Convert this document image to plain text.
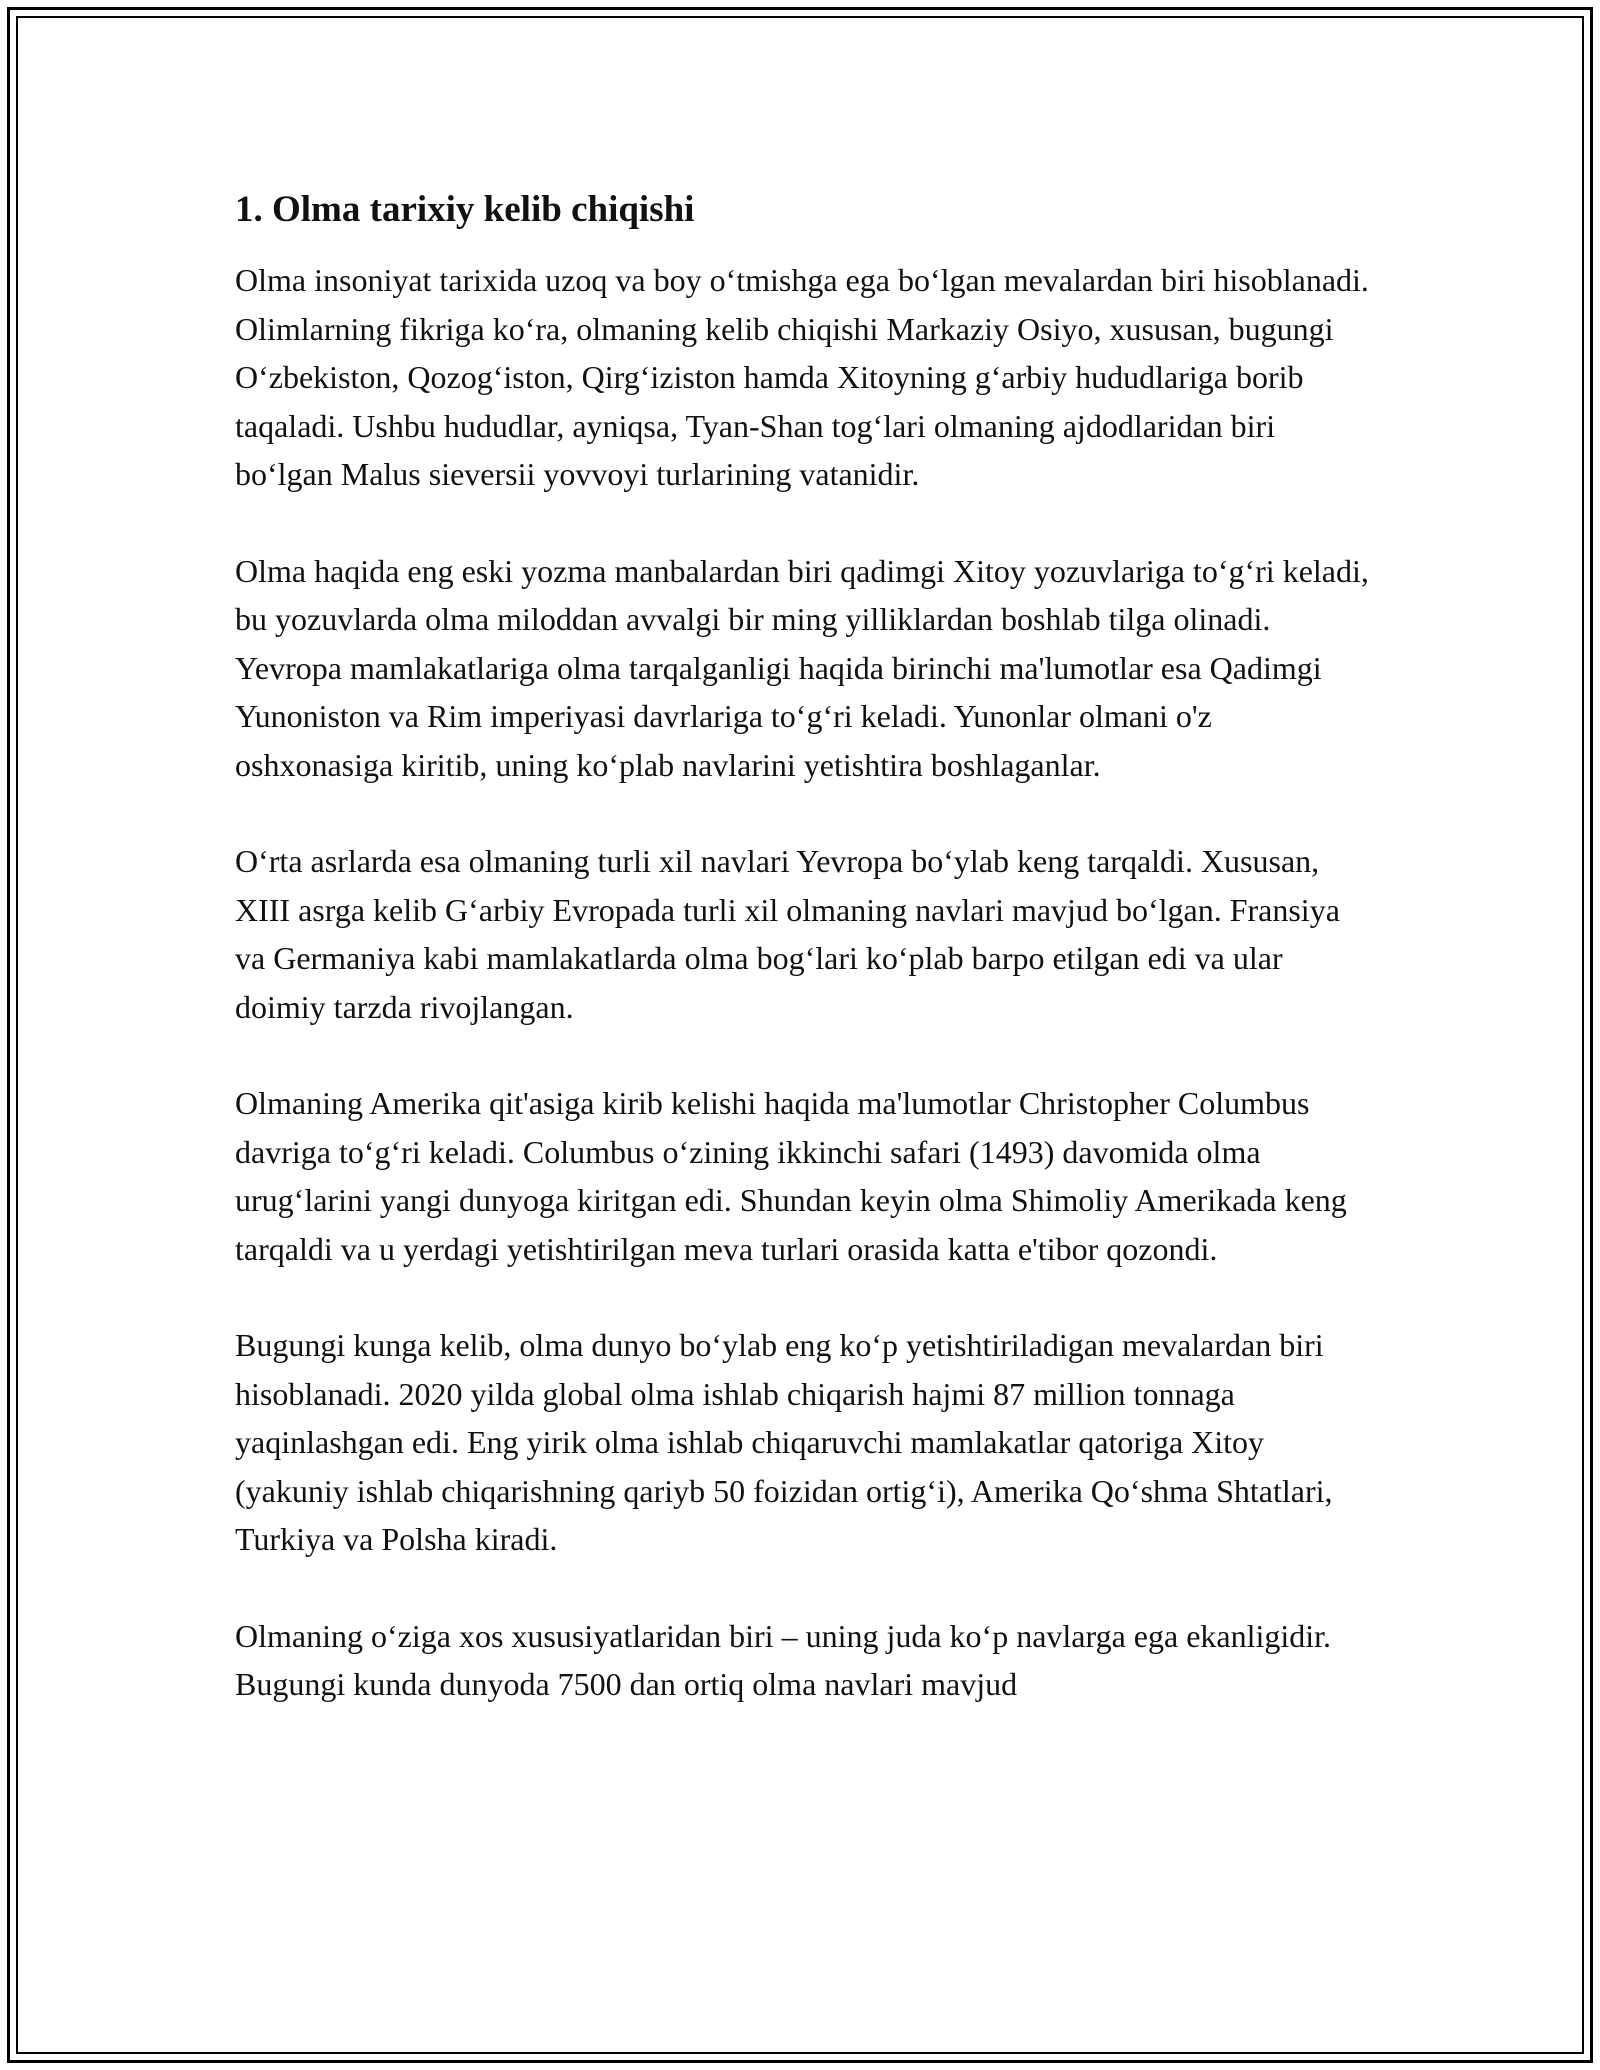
1. Olma tarixiy kelib chiqishi

Olma insoniyat tarixida uzoq va boy oʻtmishga ega boʻlgan mevalardan biri hisoblanadi. Olimlarning fikriga koʻra, olmaning kelib chiqishi Markaziy Osiyo, xususan, bugungi Oʻzbekiston, Qozogʻiston, Qirgʻiziston hamda Xitoyning gʻarbiy hududlariga borib taqaladi. Ushbu hududlar, ayniqsa, Tyan-Shan togʻlari olmaning ajdodlaridan biri boʻlgan Malus sieversii yovvoyi turlarining vatanidir.

Olma haqida eng eski yozma manbalardan biri qadimgi Xitoy yozuvlariga toʻgʻri keladi, bu yozuvlarda olma miloddan avvalgi bir ming yilliklardan boshlab tilga olinadi. Yevropa mamlakatlariga olma tarqalganligi haqida birinchi ma'lumotlar esa Qadimgi Yunoniston va Rim imperiyasi davrlariga toʻgʻri keladi. Yunonlar olmani o'z oshxonasiga kiritib, uning koʻplab navlarini yetishtira boshlaganlar.

Oʻrta asrlarda esa olmaning turli xil navlari Yevropa boʻylab keng tarqaldi. Xususan, XIII asrga kelib Gʻarbiy Evropada turli xil olmaning navlari mavjud boʻlgan. Fransiya va Germaniya kabi mamlakatlarda olma bogʻlari koʻplab barpo etilgan edi va ular doimiy tarzda rivojlangan.

Olmaning Amerika qit'asiga kirib kelishi haqida ma'lumotlar Christopher Columbus davriga toʻgʻri keladi. Columbus oʻzining ikkinchi safari (1493) davomida olma urugʻlarini yangi dunyoga kiritgan edi. Shundan keyin olma Shimoliy Amerikada keng tarqaldi va u yerdagi yetishtirilgan meva turlari orasida katta e'tibor qozondi.

Bugungi kunga kelib, olma dunyo boʻylab eng koʻp yetishtiriladigan mevalardan biri hisoblanadi. 2020 yilda global olma ishlab chiqarish hajmi 87 million tonnaga yaqinlashgan edi. Eng yirik olma ishlab chiqaruvchi mamlakatlar qatoriga Xitoy (yakuniy ishlab chiqarishning qariyb 50 foizidan ortigʻi), Amerika Qoʻshma Shtatlari, Turkiya va Polsha kiradi.

Olmaning oʻziga xos xususiyatlaridan biri – uning juda koʻp navlarga ega ekanligidir. Bugungi kunda dunyoda 7500 dan ortiq olma navlari mavjud
